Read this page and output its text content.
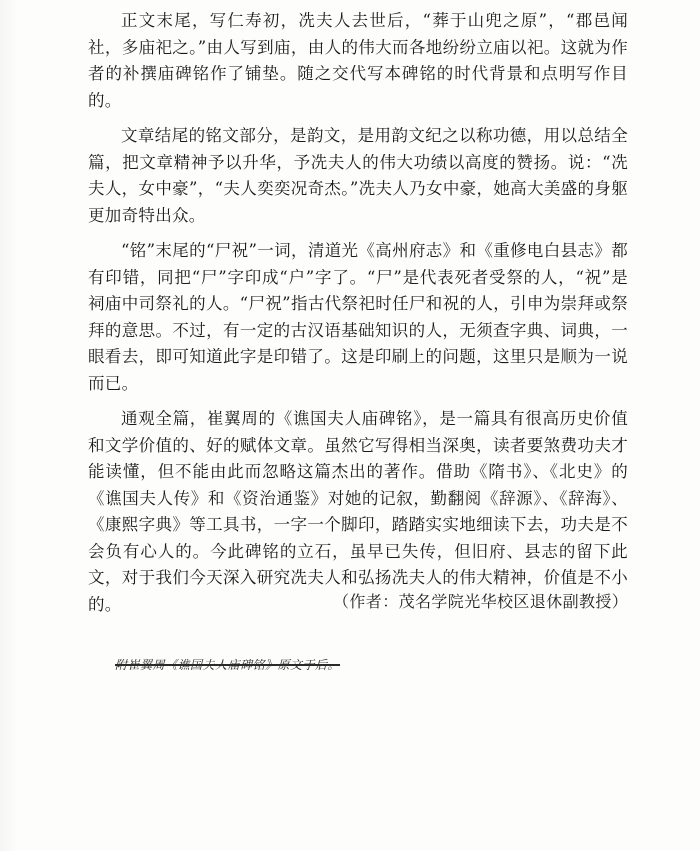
正文末尾，写仁寿初，冼夫人去世后，“葬于山兜之原”，“郡邑闻社，多庙祀之。”由人写到庙，由人的伟大而各地纷纷立庙以祀。这就为作者的补撰庙碑铭作了铺垫。随之交代写本碑铭的时代背景和点明写作目的。

文章结尾的铭文部分，是韵文，是用韵文纪之以称功德，用以总结全篇，把文章精神予以升华，予冼夫人的伟大功绩以高度的赞扬。说：“冼夫人，女中豪”，“夫人奕奕况奇杰。”冼夫人乃女中豪，她高大美盛的身躯更加奇特出众。

“铭”末尾的“尸祝”一词，清道光《高州府志》和《重修电白县志》都有印错，同把“尸”字印成“户”字了。“尸”是代表死者受祭的人，“祝”是祠庙中司祭礼的人。“尸祝”指古代祭祀时任尸和祝的人，引申为崇拜或祭拜的意思。不过，有一定的古汉语基础知识的人，无须查字典、词典，一眼看去，即可知道此字是印错了。这是印刷上的问题，这里只是顺为一说而已。

通观全篇，崔翼周的《谯国夫人庙碑铭》，是一篇具有很高历史价值和文学价值的、好的赋体文章。虽然它写得相当深奥，读者要煞费功夫才能读懂，但不能由此而忽略这篇杰出的著作。借助《隋书》、《北史》的《谯国夫人传》和《资治通鉴》对她的记叙，勤翻阅《辞源》、《辞海》、《康熙字典》等工具书，一字一个脚印，踏踏实实地细读下去，功夫是不会负有心人的。今此碑铭的立石，虽早已失传，但旧府、县志的留下此文，对于我们今天深入研究冼夫人和弘扬冼夫人的伟大精神，价值是不小的。	（作者：茂名学院光华校区退休副教授）
附崔翼周《谯国夫人庙碑铭》原文于后。
